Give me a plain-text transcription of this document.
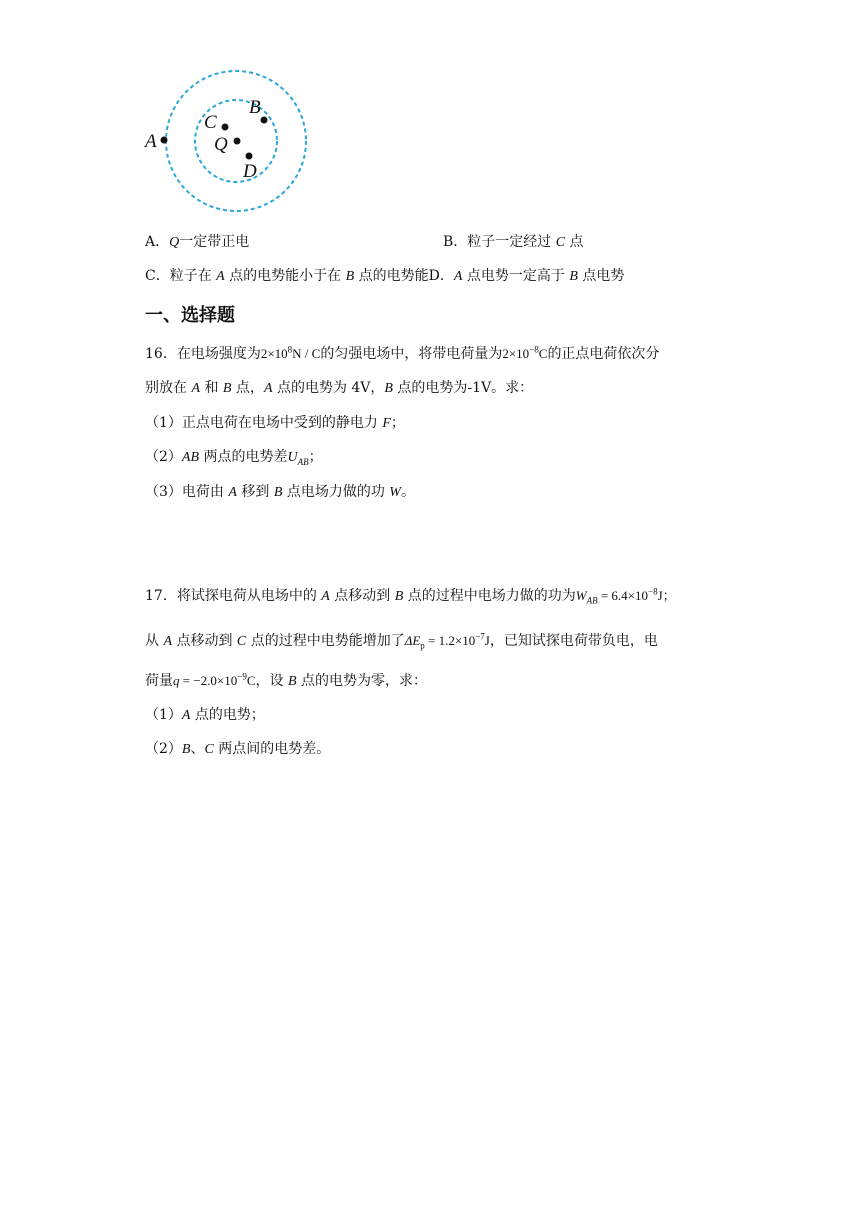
A
B
C
Q
D
A．Q一定带正电	B．粒子一定经过 C 点
C．粒子在 A 点的电势能小于在 B 点的电势能D．A 点电势一定高于 B 点电势
一、选择题
16．在电场强度为$2\times 10^8N / C$的匀强电场中，将带电荷量为$2\times 10^{-8}C$的正点电荷依次分
别放在 A 和 B 点，A 点的电势为 4V，B 点的电势为-1V。求：
（1）正点电荷在电场中受到的静电力 F；
（2）AB 两点的电势差$U_{AB}$；
（3）电荷由 A 移到 B 点电场力做的功 W。
17．将试探电荷从电场中的 A 点移动到 B 点的过程中电场力做的功为$W_{AB} = 6.4\times 10^{-8}J$；
从 A 点移动到 C 点的过程中电势能增加了$\Delta E_p = 1.2\times 10^{-7}J$，已知试探电荷带负电，电
荷量$q = -2.0\times 10^{-9}C$，设 B 点的电势为零，求：
（1）A 点的电势；
（2）B、C 两点间的电势差。
